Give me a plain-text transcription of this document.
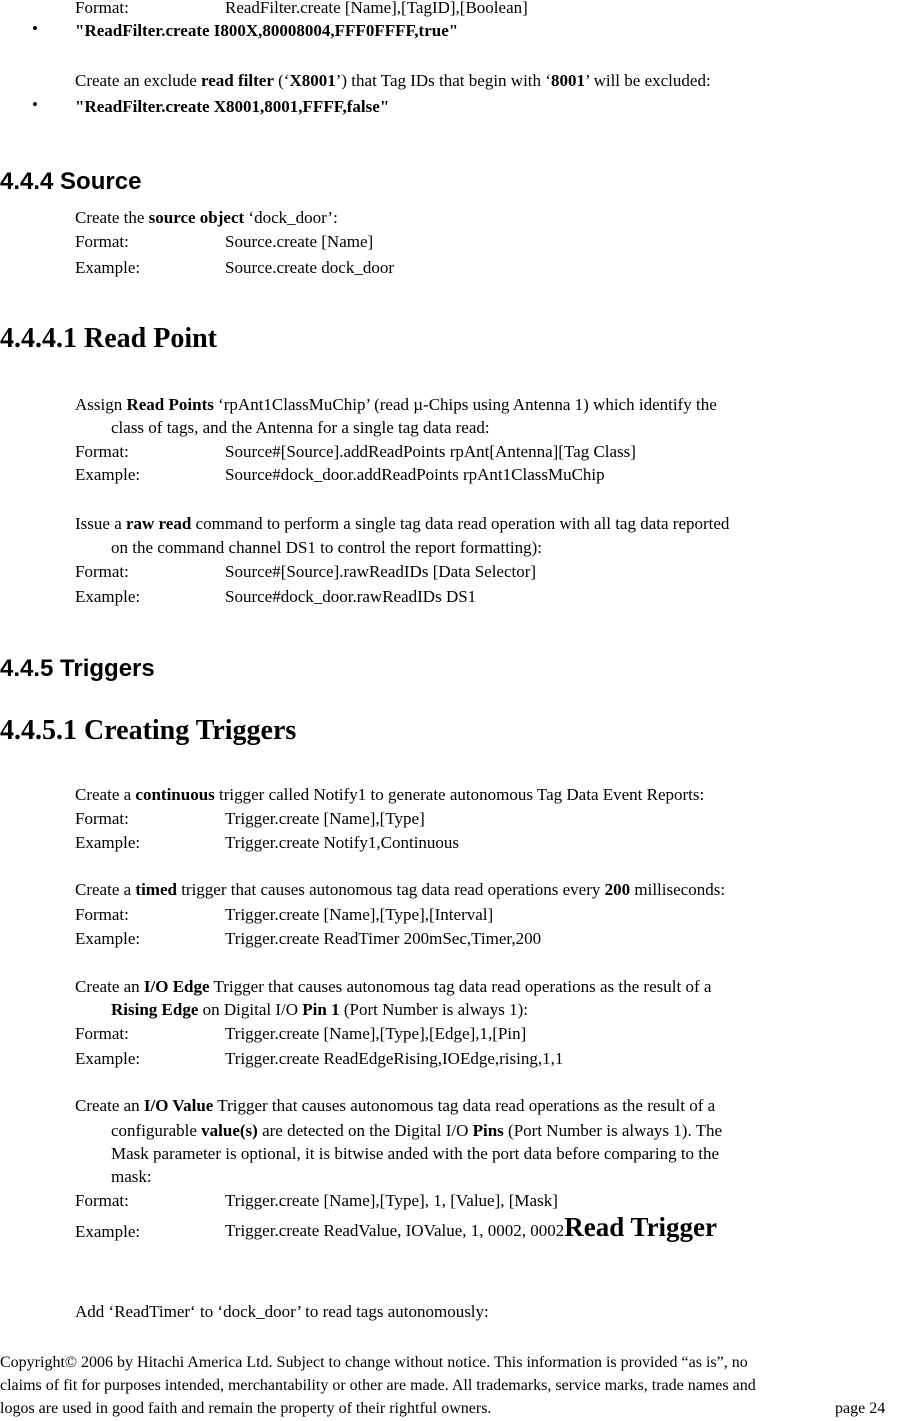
Format:	ReadFilter.create [Name],[TagID],[Boolean]
• "ReadFilter.create I800X,80008004,FFF0FFFF,true"
Create an exclude read filter (‘X8001’) that Tag IDs that begin with ‘8001’ will be excluded:
• "ReadFilter.create X8001,8001,FFFF,false"
4.4.4 Source
Create the source object ‘dock_door’:
Format:	Source.create [Name]
Example:	Source.create dock_door
4.4.4.1 Read Point
Assign Read Points ‘rpAnt1ClassMuChip’ (read µ-Chips using Antenna 1) which identify the
class of tags, and the Antenna for a single tag data read:
Format:	Source#[Source].addReadPoints rpAnt[Antenna][Tag Class]
Example:	Source#dock_door.addReadPoints rpAnt1ClassMuChip
Issue a raw read command to perform a single tag data read operation with all tag data reported
on the command channel DS1 to control the report formatting):
Format:	Source#[Source].rawReadIDs [Data Selector]
Example:	Source#dock_door.rawReadIDs DS1
4.4.5 Triggers
4.4.5.1 Creating Triggers
Create a continuous trigger called Notify1 to generate autonomous Tag Data Event Reports:
Format:	Trigger.create [Name],[Type]
Example:	Trigger.create Notify1,Continuous
Create a timed trigger that causes autonomous tag data read operations every 200 milliseconds:
Format:	Trigger.create [Name],[Type],[Interval]
Example:	Trigger.create ReadTimer 200mSec,Timer,200
Create an I/O Edge Trigger that causes autonomous tag data read operations as the result of a
Rising Edge on Digital I/O Pin 1 (Port Number is always 1):
Format:	Trigger.create [Name],[Type],[Edge],1,[Pin]
Example:	Trigger.create ReadEdgeRising,IOEdge,rising,1,1
Create an I/O Value Trigger that causes autonomous tag data read operations as the result of a
configurable value(s) are detected on the Digital I/O Pins (Port Number is always 1). The
Mask parameter is optional, it is bitwise anded with the port data before comparing to the
mask:
Format:	Trigger.create [Name],[Type], 1, [Value], [Mask]
Example:	Trigger.create ReadValue, IOValue, 1, 0002, 0002Read Trigger
Add ‘ReadTimer‘ to ‘dock_door’ to read tags autonomously:
Copyright© 2006 by Hitachi America Ltd. Subject to change without notice. This information is provided “as is”, no
claims of fit for purposes intended, merchantability or other are made. All trademarks, service marks, trade names and
logos are used in good faith and remain the property of their rightful owners.	page 24
